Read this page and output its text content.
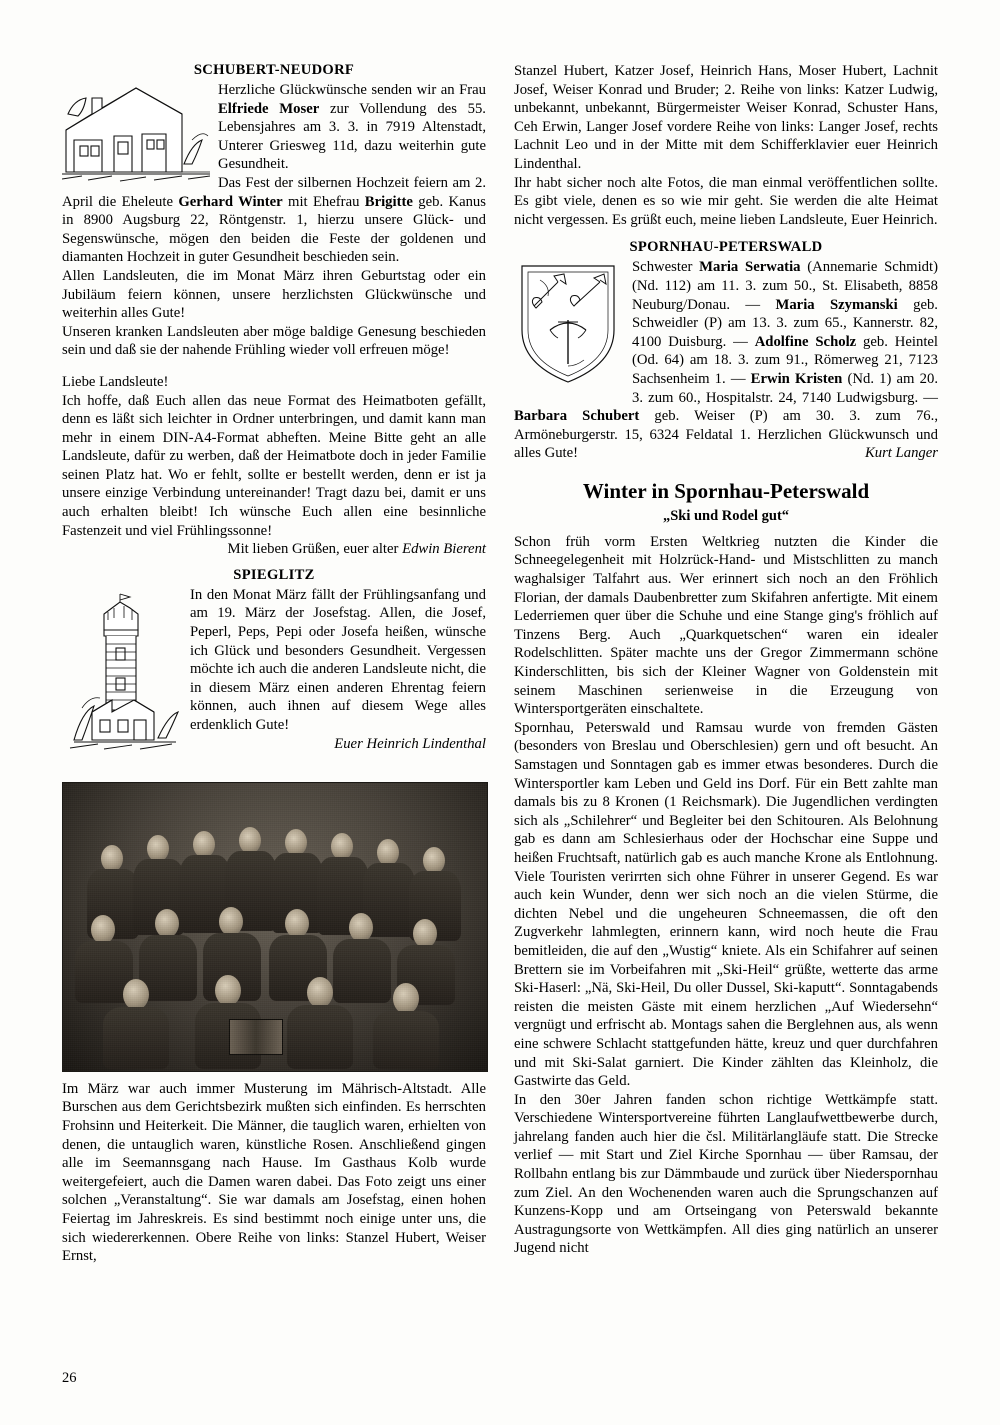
SCHUBERT-NEUDORF
Herzliche Glückwünsche senden wir an Frau Elfriede Moser zur Vollendung des 55. Lebensjahres am 3. 3. in 7919 Altenstadt, Unterer Griesweg 11d, dazu weiterhin gute Gesundheit.
Das Fest der silbernen Hochzeit feiern am 2. April die Eheleute Gerhard Winter mit Ehefrau Brigitte geb. Kanus in 8900 Augsburg 22, Röntgenstr. 1, hierzu unsere Glück- und Segenswünsche, mögen den beiden die Feste der goldenen und diamanten Hochzeit in guter Gesundheit beschieden sein.
Allen Landsleuten, die im Monat März ihren Geburtstag oder ein Jubiläum feiern können, unsere herzlichsten Glückwünsche und weiterhin alles Gute!
Unseren kranken Landsleuten aber möge baldige Genesung beschieden sein und daß sie der nahende Frühling wieder voll erfreuen möge!
Liebe Landsleute!
Ich hoffe, daß Euch allen das neue Format des Heimatboten gefällt, denn es läßt sich leichter in Ordner unterbringen, und damit kann man mehr in einem DIN-A4-Format abheften. Meine Bitte geht an alle Landsleute, dafür zu werben, daß der Heimatbote doch in jeder Familie seinen Platz hat. Wo er fehlt, sollte er bestellt werden, denn er ist ja unsere einzige Verbindung untereinander! Tragt dazu bei, damit er uns auch erhalten bleibt! Ich wünsche Euch allen eine besinnliche Fastenzeit und viel Frühlingssonne!
Mit lieben Grüßen, euer alter Edwin Bierent
SPIEGLITZ
In den Monat März fällt der Frühlingsanfang und am 19. März der Josefstag. Allen, die Josef, Peperl, Peps, Pepi oder Josefa heißen, wünsche ich Glück und besonders Gesundheit. Vergessen möchte ich auch die anderen Landsleute nicht, die in diesem März einen anderen Ehrentag feiern können, auch ihnen auf diesem Wege alles erdenklich Gute!
Euer Heinrich Lindenthal
Im März war auch immer Musterung im Mährisch-Altstadt. Alle Burschen aus dem Gerichtsbezirk mußten sich einfinden. Es herrschten Frohsinn und Heiterkeit. Die Männer, die tauglich waren, erhielten von denen, die untauglich waren, künstliche Rosen. Anschließend gingen alle im Seemannsgang nach Hause. Im Gasthaus Kolb wurde weitergefeiert, auch die Damen waren dabei. Das Foto zeigt uns einer solchen „Veranstaltung“. Sie war damals am Josefstag, einen hohen Feiertag im Jahreskreis. Es sind bestimmt noch einige unter uns, die sich wiedererkennen. Obere Reihe von links: Stanzel Hubert, Weiser Ernst,
Stanzel Hubert, Katzer Josef, Heinrich Hans, Moser Hubert, Lachnit Josef, Weiser Konrad und Bruder; 2. Reihe von links: Katzer Ludwig, unbekannt, unbekannt, Bürgermeister Weiser Konrad, Schuster Hans, Ceh Erwin, Langer Josef vordere Reihe von links: Langer Josef, rechts Lachnit Leo und in der Mitte mit dem Schifferklavier euer Heinrich Lindenthal.
Ihr habt sicher noch alte Fotos, die man einmal veröffentlichen sollte. Es gibt viele, denen es so wie mir geht. Sie werden die alte Heimat nicht vergessen. Es grüßt euch, meine lieben Landsleute, Euer Heinrich.
SPORNHAU-PETERSWALD
Schwester Maria Serwatia (Annemarie Schmidt) (Nd. 112) am 11. 3. zum 50., St. Elisabeth, 8858 Neuburg/Donau. — Maria Szymanski geb. Schweidler (P) am 13. 3. zum 65., Kannerstr. 82, 4100 Duisburg. — Adolfine Scholz geb. Heintel (Od. 64) am 18. 3. zum 91., Römerweg 21, 7123 Sachsenheim 1. — Erwin Kristen (Nd. 1) am 20. 3. zum 60., Hospitalstr. 24, 7140 Ludwigsburg. — Barbara Schubert geb. Weiser (P) am 30. 3. zum 76., Armöneburgerstr. 15, 6324 Feldatal 1. Herzlichen Glückwunsch und alles Gute!	Kurt Langer
Winter in Spornhau-Peterswald
„Ski und Rodel gut“
Schon früh vorm Ersten Weltkrieg nutzten die Kinder die Schneegelegenheit mit Holzrück-Hand- und Mistschlitten zu manch waghalsiger Talfahrt aus. Wer erinnert sich noch an den Fröhlich Florian, der damals Daubenbretter zum Skifahren anfertigte. Mit einem Lederriemen quer über die Schuhe und eine Stange ging's fröhlich auf Tinzens Berg. Auch „Quarkquetschen“ waren ein idealer Rodelschlitten. Später machte uns der Gregor Zimmermann schöne Kinderschlitten, bis sich der Kleiner Wagner von Goldenstein mit seinem Maschinen serienweise in die Erzeugung von Wintersportgeräten einschaltete.
Spornhau, Peterswald und Ramsau wurde von fremden Gästen (besonders von Breslau und Oberschlesien) gern und oft besucht. An Samstagen und Sonntagen gab es immer etwas besonderes. Durch die Wintersportler kam Leben und Geld ins Dorf. Für ein Bett zahlte man damals bis zu 8 Kronen (1 Reichsmark). Die Jugendlichen verdingten sich als „Schilehrer“ und Begleiter bei den Schitouren. Als Belohnung gab es dann am Schlesierhaus oder der Hochschar eine Suppe und heißen Fruchtsaft, natürlich gab es auch manche Krone als Entlohnung. Viele Touristen verirrten sich ohne Führer in unserer Gegend. Es war auch kein Wunder, denn wer sich noch an die vielen Stürme, die dichten Nebel und die ungeheuren Schneemassen, die oft den Zugverkehr lahmlegten, erinnern kann, wird noch heute die Frau bemitleiden, die auf den „Wustig“ kniete. Als ein Schifahrer auf seinen Brettern sie im Vorbeifahren mit „Ski-Heil“ grüßte, wetterte das arme Ski-Haserl: „Nä, Ski-Heil, Du oller Dussel, Ski-kaputt“. Sonntagabends reisten die meisten Gäste mit einem herzlichen „Auf Wiedersehn“ vergnügt und erfrischt ab. Montags sahen die Berglehnen aus, als wenn eine schwere Schlacht stattgefunden hätte, kreuz und quer durchfahren und mit Ski-Salat garniert. Die Kinder zählten das Kleinholz, die Gastwirte das Geld.
In den 30er Jahren fanden schon richtige Wettkämpfe statt. Verschiedene Wintersportvereine führten Langlaufwettbewerbe durch, jahrelang fanden auch hier die čsl. Militärlangläufe statt. Die Strecke verlief — mit Start und Ziel Kirche Spornhau — über Ramsau, der Rollbahn entlang bis zur Dämmbaude und zurück über Niederspornhau zum Ziel. An den Wochenenden waren auch die Sprungschanzen auf Kunzens-Kopp und am Ortseingang von Peterswald bekannte Austragungsorte von Wettkämpfen. All dies ging natürlich an unserer Jugend nicht
26
